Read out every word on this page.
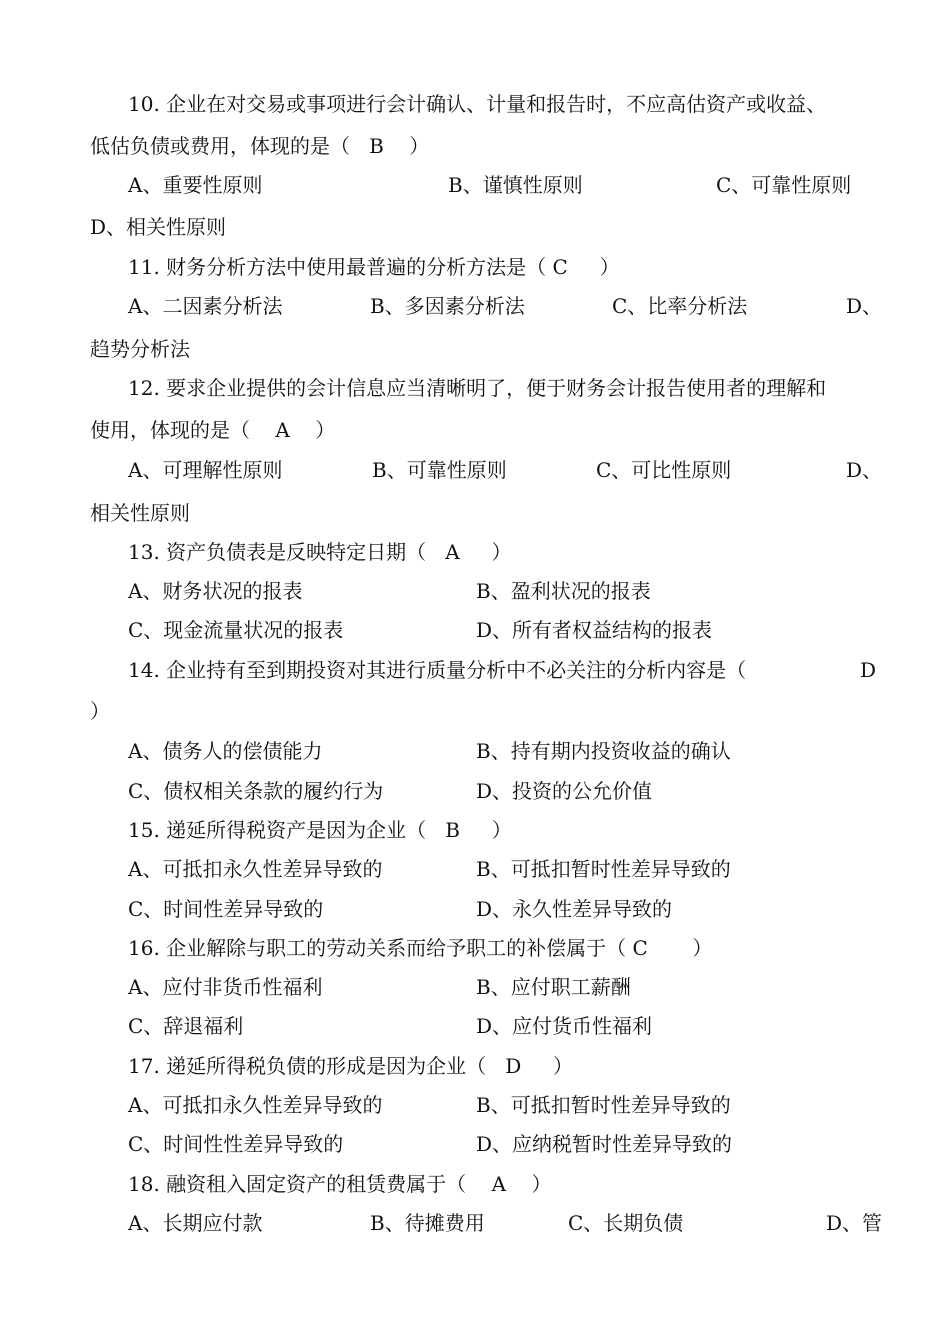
10. 企业在对交易或事项进行会计确认、计量和报告时，不应高估资产或收益、
低估负债或费用，体现的是（   B    ）
A、重要性原则	B、谨慎性原则	C、可靠性原则
D、相关性原则
11. 财务分析方法中使用最普遍的分析方法是（ C     ）
A、二因素分析法	B、多因素分析法	C、比率分析法	D、
趋势分析法
12. 要求企业提供的会计信息应当清晰明了，便于财务会计报告使用者的理解和
使用，体现的是（    A    ）
A、可理解性原则	B、可靠性原则	C、可比性原则	D、
相关性原则
13. 资产负债表是反映特定日期（   A     ）
A、财务状况的报表	B、盈利状况的报表
C、现金流量状况的报表	D、所有者权益结构的报表
14. 企业持有至到期投资对其进行质量分析中不必关注的分析内容是（	D
）
A、债务人的偿债能力	B、持有期内投资收益的确认
C、债权相关条款的履约行为	D、投资的公允价值
15. 递延所得税资产是因为企业（   B     ）
A、可抵扣永久性差异导致的	B、可抵扣暂时性差异导致的
C、时间性差异导致的	D、永久性差异导致的
16. 企业解除与职工的劳动关系而给予职工的补偿属于（ C       ）
A、应付非货币性福利	B、应付职工薪酬
C、辞退福利	D、应付货币性福利
17. 递延所得税负债的形成是因为企业（   D     ）
A、可抵扣永久性差异导致的	B、可抵扣暂时性差异导致的
C、时间性性差异导致的	D、应纳税暂时性差异导致的
18. 融资租入固定资产的租赁费属于（    A    ）
A、长期应付款	B、待摊费用	C、长期负债	D、管
